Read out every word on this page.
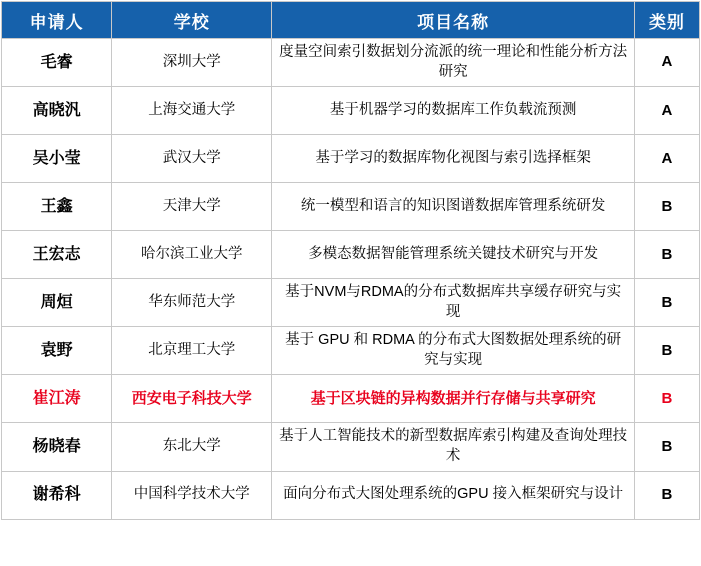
申请人	学校	项目名称	类别
毛睿	深圳大学	度量空间索引数据划分流派的统一理论和性能分析方法研究	A
高晓汎	上海交通大学	基于机器学习的数据库工作负载流预测	A
吴小莹	武汉大学	基于学习的数据库物化视图与索引选择框架	A
王鑫	天津大学	统一模型和语言的知识图谱数据库管理系统研发	B
王宏志	哈尔滨工业大学	多模态数据智能管理系统关键技术研究与开发	B
周烜	华东师范大学	基于NVM与RDMA的分布式数据库共享缓存研究与实现	B
袁野	北京理工大学	基于 GPU 和 RDMA 的分布式大图数据处理系统的研究与实现	B
崔江涛	西安电子科技大学	基于区块链的异构数据并行存储与共享研究	B
杨晓春	东北大学	基于人工智能技术的新型数据库索引构建及查询处理技术	B
谢希科	中国科学技术大学	面向分布式大图处理系统的GPU 接入框架研究与设计	B
